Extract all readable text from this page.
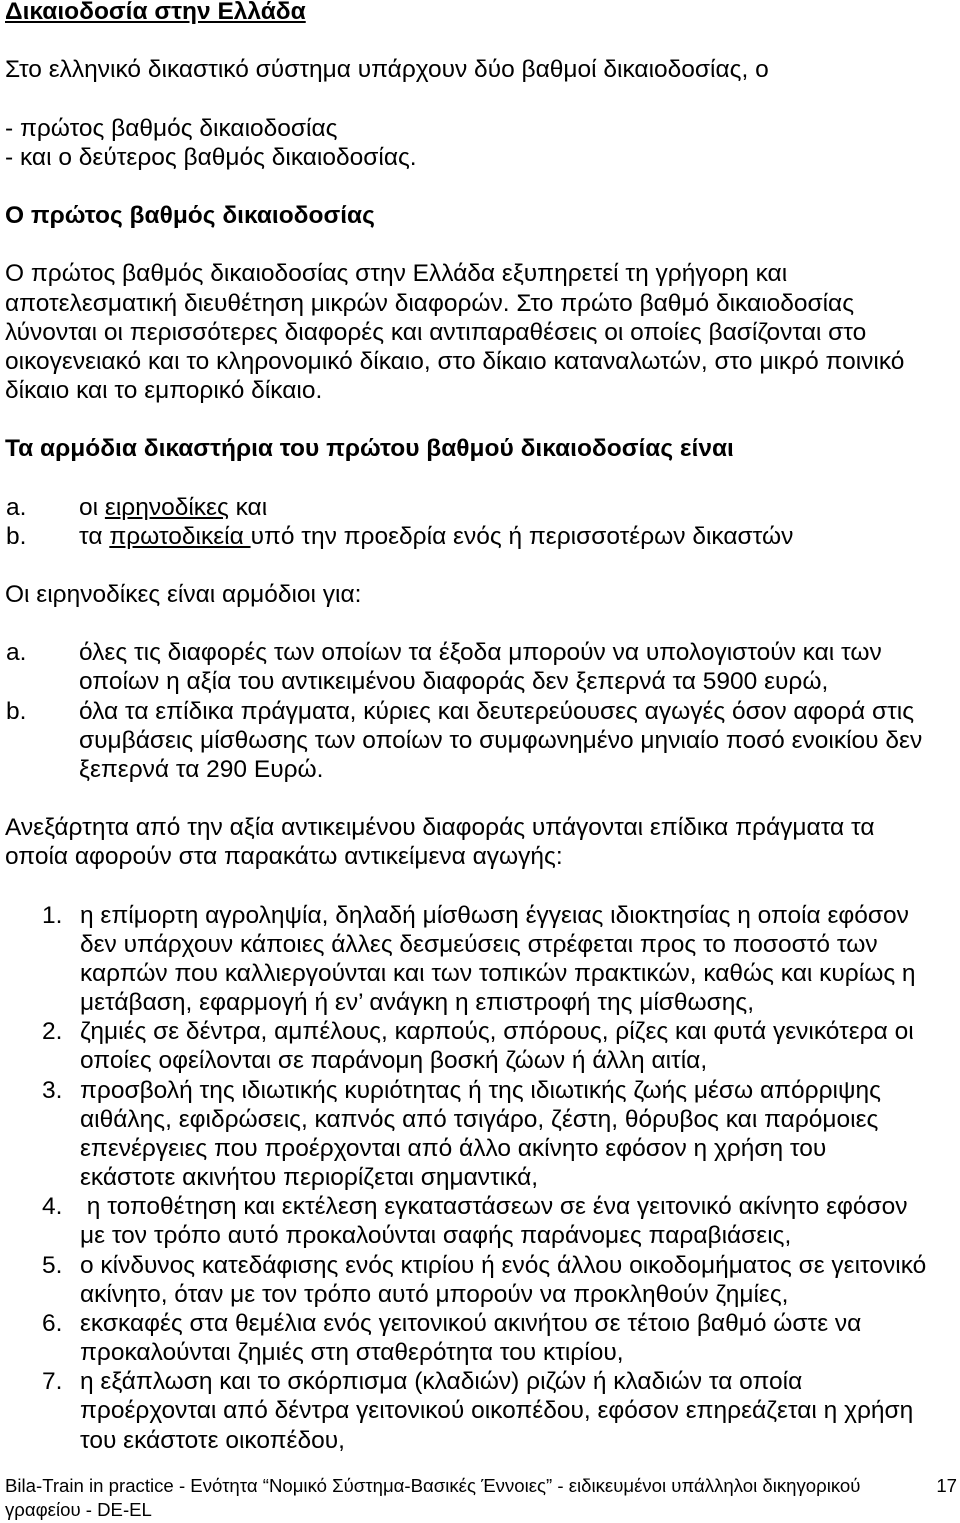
Δικαιοδοσία στην Ελλάδα
Στο ελληνικό δικαστικό σύστημα υπάρχουν δύο βαθμοί δικαιοδοσίας, ο
- πρώτος βαθμός δικαιοδοσίας
- και ο δεύτερος βαθμός δικαιοδοσίας.
Ο πρώτος βαθμός δικαιοδοσίας
Ο πρώτος βαθμός δικαιοδοσίας στην Ελλάδα εξυπηρετεί τη γρήγορη και
αποτελεσματική διευθέτηση μικρών διαφορών. Στο πρώτο βαθμό δικαιοδοσίας
λύνονται οι περισσότερες διαφορές και αντιπαραθέσεις οι οποίες βασίζονται στο
οικογενειακό και το κληρονομικό δίκαιο, στο δίκαιο καταναλωτών, στο μικρό ποινικό
δίκαιο και το εμπορικό δίκαιο.
Τα αρμόδια δικαστήρια του πρώτου βαθμού δικαιοδοσίας είναι
a.	οι ειρηνοδίκες και
b.	τα πρωτοδικεία υπό την προεδρία ενός ή περισσοτέρων δικαστών
Οι ειρηνοδίκες είναι αρμόδιοι για:
a.	όλες τις διαφορές των οποίων τα έξοδα μπορούν να υπολογιστούν και των
οποίων η αξία του αντικειμένου διαφοράς δεν ξεπερνά τα 5900 ευρώ,
b.	όλα τα επίδικα πράγματα, κύριες και δευτερεύουσες αγωγές όσον αφορά στις
συμβάσεις μίσθωσης των οποίων το συμφωνημένο μηνιαίο ποσό ενοικίου δεν
ξεπερνά τα 290 Ευρώ.
Ανεξάρτητα από την αξία αντικειμένου διαφοράς υπάγονται επίδικα πράγματα τα
οποία αφορούν στα παρακάτω αντικείμενα αγωγής:
1. η επίμορτη αγροληψία, δηλαδή μίσθωση έγγειας ιδιοκτησίας η οποία εφόσον
δεν υπάρχουν κάποιες άλλες δεσμεύσεις στρέφεται προς το ποσοστό των
καρπών που καλλιεργούνται και των τοπικών πρακτικών, καθώς και κυρίως η
μετάβαση, εφαρμογή ή εν’ ανάγκη η επιστροφή της μίσθωσης,
2. ζημιές σε δέντρα, αμπέλους, καρπούς, σπόρους, ρίζες και φυτά γενικότερα οι
οποίες οφείλονται σε παράνομη βοσκή ζώων ή άλλη αιτία,
3. προσβολή της ιδιωτικής κυριότητας ή της ιδιωτικής ζωής μέσω απόρριψης
αιθάλης, εφιδρώσεις, καπνός από τσιγάρο, ζέστη, θόρυβος και παρόμοιες
επενέργειες που προέρχονται από άλλο ακίνητο εφόσον η χρήση του
εκάστοτε ακινήτου περιορίζεται σημαντικά,
4. η τοποθέτηση και εκτέλεση εγκαταστάσεων σε ένα γειτονικό ακίνητο εφόσον
με τον τρόπο αυτό προκαλούνται σαφής παράνομες παραβιάσεις,
5. ο κίνδυνος κατεδάφισης ενός κτιρίου ή ενός άλλου οικοδομήματος σε γειτονικό
ακίνητο, όταν με τον τρόπο αυτό μπορούν να προκληθούν ζημίες,
6. εκσκαφές στα θεμέλια ενός γειτονικού ακινήτου σε τέτοιο βαθμό ώστε να
προκαλούνται ζημιές στη σταθερότητα του κτιρίου,
7. η εξάπλωση και το σκόρπισμα (κλαδιών) ριζών ή κλαδιών τα οποία
προέρχονται από δέντρα γειτονικού οικοπέδου, εφόσον επηρεάζεται η χρήση
του εκάστοτε οικοπέδου,
Bila-Train in practice - Ενότητα “Νομικό Σύστημα-Βασικές Έννοιες” - ειδικευμένοι υπάλληλοι δικηγορικού
γραφείου - DE-EL
17
